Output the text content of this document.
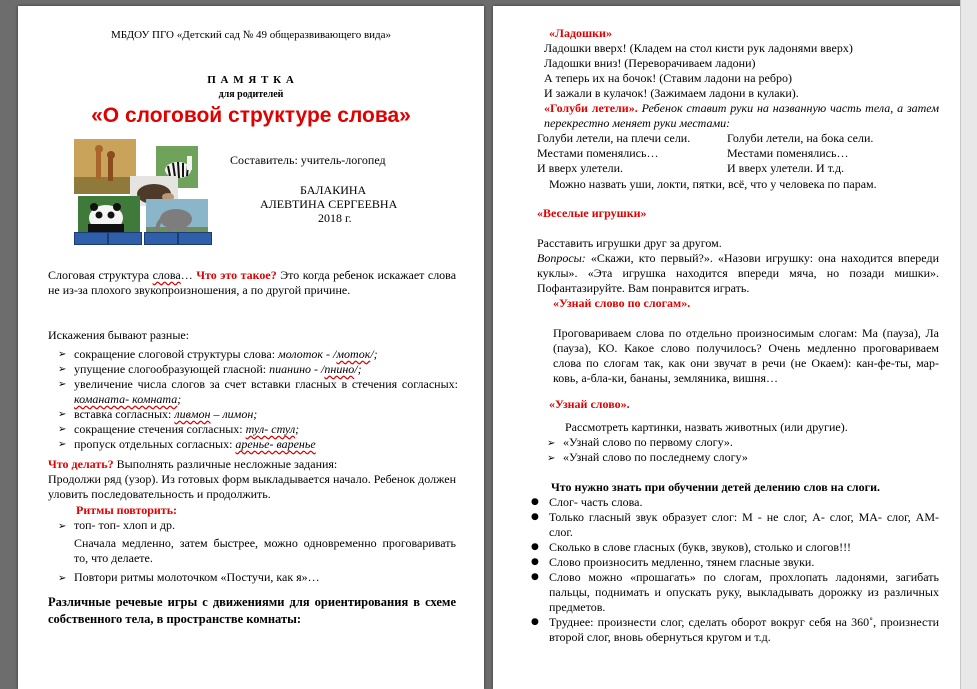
МБДОУ ПГО «Детский сад № 49 общеразвивающего вида»
П А М Я Т К А
для родителей
«О слоговой структуре слова»
Составитель: учитель-логопед
БАЛАКИНА
АЛЕВТИНА СЕРГЕЕВНА
2018 г.
Слоговая структура слова… Что это такое? Это когда ребенок искажает слова не из-за плохого звукопроизношения, а по другой причине.
Искажения бывают разные:
➢ сокращение слоговой структуры слова: молоток - /моток/;
➢ упущение слогообразующей гласной: пианино - /пнино/;
➢ увеличение числа слогов за счет вставки гласных в стечения согласных: команата- комната;
➢ вставка согласных: ливмон – лимон;
➢ сокращение стечения согласных: тул- стул;
➢ пропуск отдельных согласных: аренье- варенье
Что делать? Выполнять различные несложные задания:
Продолжи ряд (узор). Из готовых форм выкладывается начало. Ребенок должен уловить последовательность и продолжить.
Ритмы повторить:
➢ топ- топ- хлоп и др.
Сначала медленно, затем быстрее, можно одновременно проговаривать то, что делаете.
➢ Повтори ритмы молоточком «Постучи, как я»…
Различные речевые игры с движениями для ориентирования в схеме собственного тела, в пространстве комнаты:
«Ладошки»
Ладошки вверх! (Кладем на стол кисти рук ладонями вверх)
Ладошки вниз! (Переворачиваем ладони)
А теперь их на бочок! (Ставим ладони на ребро)
И зажали в кулачок! (Зажимаем ладони в кулаки).
«Голуби летели». Ребенок ставит руки на названную часть тела, а затем перекрестно меняет руки местами:
Голуби летели, на плечи сели.
Местами поменялись…
И вверх улетели.
Голуби летели, на бока сели.
Местами поменялись…
И вверх улетели. И т.д.
Можно назвать уши, локти, пятки, всё, что у человека по парам.
«Веселые игрушки»
Расставить игрушки друг за другом.
Вопросы: «Скажи, кто первый?». «Назови игрушку: она находится впереди куклы». «Эта игрушка находится впереди мяча, но позади мишки». Пофантазируйте. Вам понравится играть.
«Узнай слово по слогам».
Проговариваем слова по отдельно произносимым слогам: Ма (пауза), Ла (пауза), КО. Какое слово получилось? Очень медленно проговариваем слова по слогам так, как они звучат в речи (не Окаем): кан-фе-ты, мар-ковь, а-бла-ки, бананы, земляника, вишня…
«Узнай слово».
Рассмотреть картинки, назвать животных (или другие).
➢ «Узнай слово по первому слогу».
➢ «Узнай слово по последнему слогу»
Что нужно знать при обучении детей делению слов на слоги.
● Слог- часть слова.
● Только гласный звук образует слог: М - не слог, А- слог, МА- слог, АМ- слог.
● Сколько в слове гласных (букв, звуков), столько и слогов!!!
● Слово произносить медленно, тянем гласные звуки.
● Слово можно «прошагать» по слогам, прохлопать ладонями, загибать пальцы, поднимать и опускать руку, выкладывать дорожку из различных предметов.
● Труднее: произнести слог, сделать оборот вокруг себя на 360˚, произнести второй слог, вновь обернуться кругом и т.д.
